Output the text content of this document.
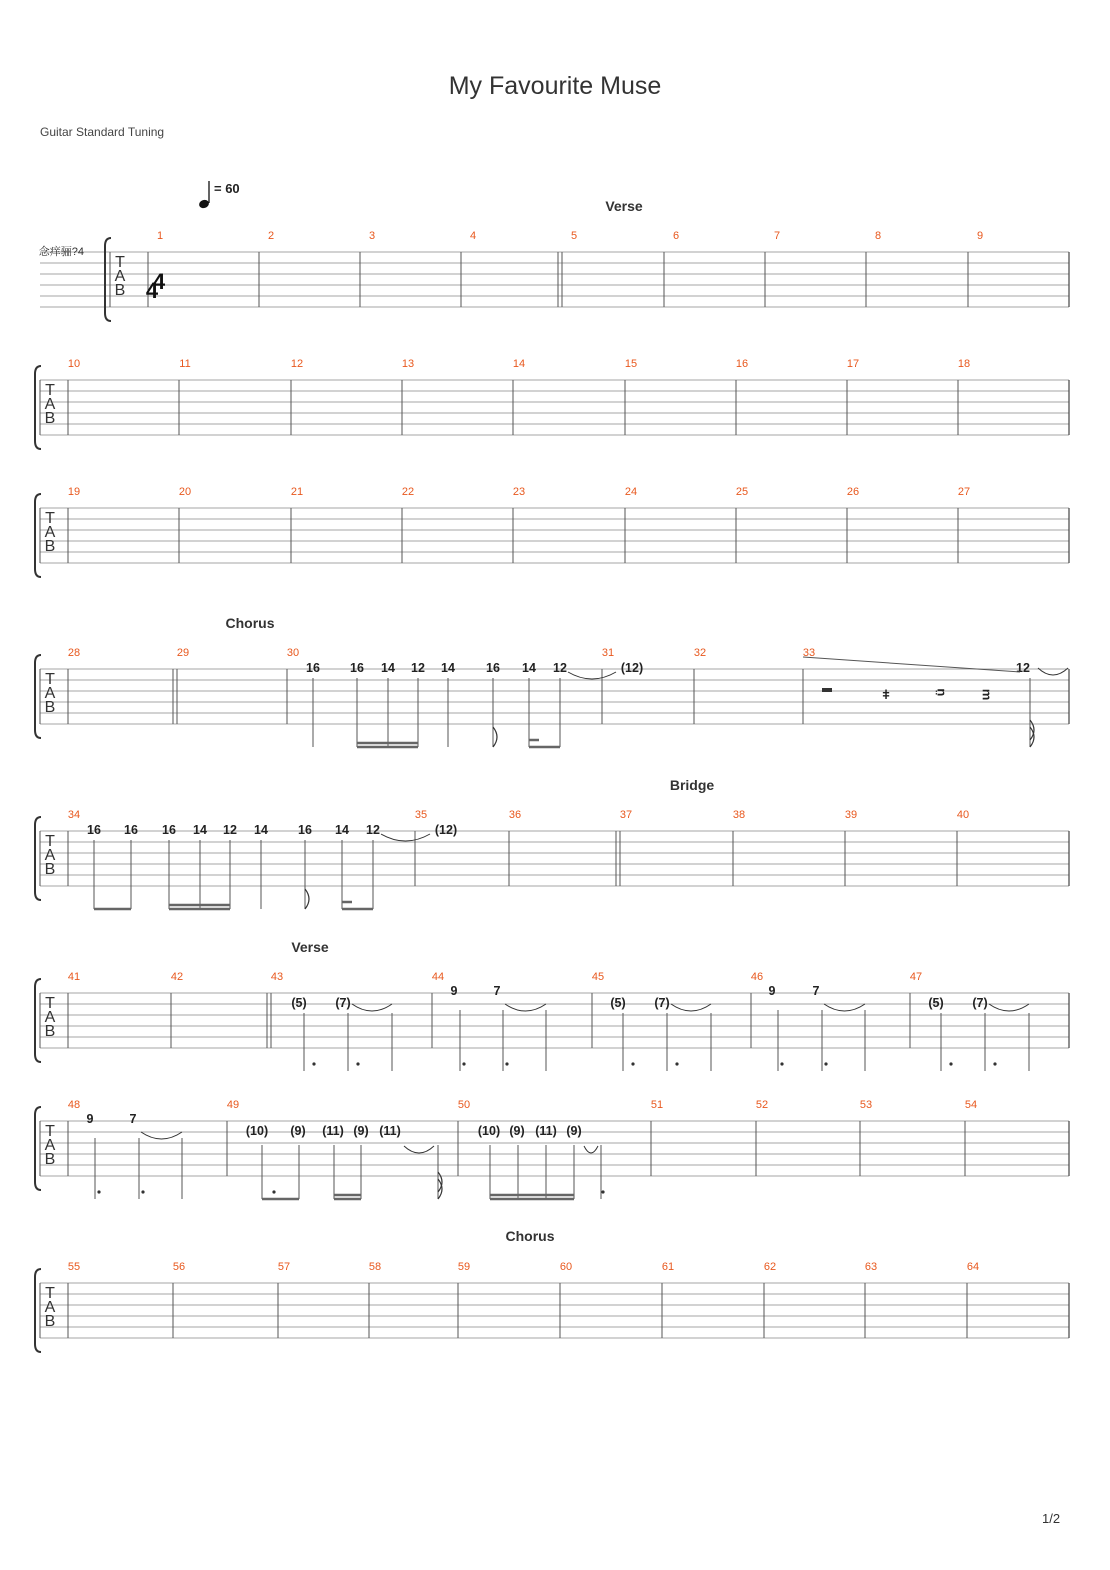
My Favourite Muse
Guitar Standard Tuning
1/2
T
A
B
1	2	3	4	5	6	7	8	9
T
A
B
10	11	12	13	14	15	16	17	18
T
A
B
19	20	21	22	23	24	25	26	27
T
A
B
28	29	30	31	32	33
T
A
B
34	35	36	37	38	39	40
T
A
B
41	42	43	44	45	46	47
T
A
B
48	49	50	51	52	53	54
T
A
B
55	56	57	58	59	60	61	62	63	64
4
4
念痒骊?4
= 60
Verse
Chorus
Bridge
Verse
Chorus
16 16 14 12 14 16 14 12	(12)	12
ǂ	ᴞ	ᴟ
16 16 16 14 12 14 16 14 12	(12)
(5) (7)
9	7
(5) (7)
9	7
(5) (7)
9	7
(10) (9) (11) (9) (11)	(10) (9) (11) (9)
